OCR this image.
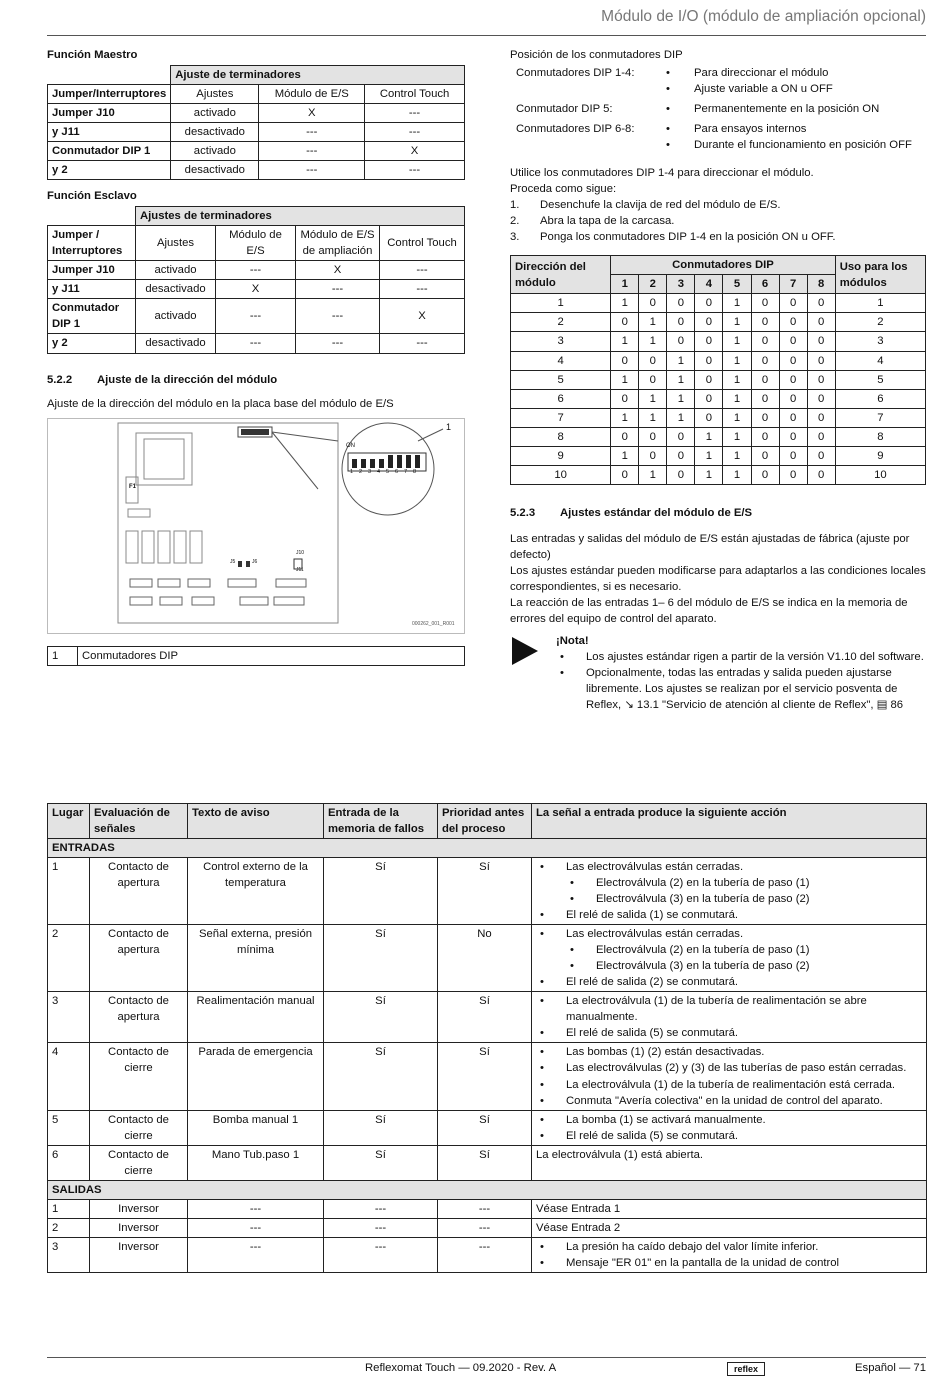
Módulo de I/O (módulo de ampliación opcional)
Función Maestro
	Ajuste de terminadores		
Jumper/Interruptores	Ajustes	Módulo de E/S	Control Touch
Jumper J10	activado	X	---
y J11	desactivado	---	---
Conmutador DIP 1	activado	---	X
y 2	desactivado	---	---
Función Esclavo
	Ajustes de terminadores			
Jumper / Interruptores	Ajustes	Módulo de E/S	Módulo de E/S de ampliación	Control Touch
Jumper J10	activado	---	X	---
y J11	desactivado	X	---	---
Conmutador DIP 1	activado	---	---	X
y 2	desactivado	---	---	---
5.2.2	Ajuste de la dirección del módulo
Ajuste de la dirección del módulo en la placa base del módulo de E/S
ON
1	2	3	4	5	6	7	8
F1
J5	J6
J10
J11
1
000262_001_R001
1	Conmutadores DIP
Posición de los conmutadores DIP
Conmutadores DIP 1-4:	•	Para direccionar el módulo
•	Ajuste variable a ON u OFF
Conmutador DIP 5:	•	Permanentemente en la posición ON
Conmutadores DIP 6-8:	•	Para ensayos internos
•	Durante el funcionamiento en posición OFF
Utilice los conmutadores DIP 1-4 para direccionar el módulo.
Proceda como sigue:
1.	Desenchufe la clavija de red del módulo de E/S.
2.	Abra la tapa de la carcasa.
3.	Ponga los conmutadores DIP 1-4 en la posición ON u OFF.
Dirección del módulo	Conmutadores DIP								Uso para los módulos
	1	2	3	4	5	6	7	8	
1	1	0	0	0	1	0	0	0	1
2	0	1	0	0	1	0	0	0	2
3	1	1	0	0	1	0	0	0	3
4	0	0	1	0	1	0	0	0	4
5	1	0	1	0	1	0	0	0	5
6	0	1	1	0	1	0	0	0	6
7	1	1	1	0	1	0	0	0	7
8	0	0	0	1	1	0	0	0	8
9	1	0	0	1	1	0	0	0	9
10	0	1	0	1	1	0	0	0	10
5.2.3	Ajustes estándar del módulo de E/S
Las entradas y salidas del módulo de E/S están ajustadas de fábrica (ajuste por defecto)
Los ajustes estándar pueden modificarse para adaptarlos a las condiciones locales correspondientes, si es necesario.
La reacción de las entradas 1– 6 del módulo de E/S se indica en la memoria de errores del equipo de control del aparato.
¡Nota!
• Los ajustes estándar rigen a partir de la versión V1.10 del software.
• Opcionalmente, todas las entradas y salida pueden ajustarse libremente. Los ajustes se realizan por el servicio posventa de Reflex, ↘ 13.1 "Servicio de atención al cliente de Reflex", ▤ 86
Lugar	Evaluación de señales	Texto de aviso	Entrada de la memoria de fallos	Prioridad antes del proceso	La señal a entrada produce la siguiente acción
ENTRADAS					
1	Contacto de apertura	Control externo de la temperatura	Sí	Sí	• Las electroválvulas están cerradas.
• Electroválvula (2) en la tubería de paso (1)
• Electroválvula (3) en la tubería de paso (2)
• El relé de salida (1) se conmutará.

2	Contacto de apertura	Señal externa, presión mínima	Sí	No	• Las electroválvulas están cerradas.
• Electroválvula (2) en la tubería de paso (1)
• Electroválvula (3) en la tubería de paso (2)
• El relé de salida (2) se conmutará.

3	Contacto de apertura	Realimentación manual	Sí	Sí	• La electroválvula (1) de la tubería de realimentación se abre manualmente.
• El relé de salida (5) se conmutará.

4	Contacto de cierre	Parada de emergencia	Sí	Sí	• Las bombas (1) (2) están desactivadas.
• Las electroválvulas (2) y (3) de las tuberías de paso están cerradas.
• La electroválvula (1) de la tubería de realimentación está cerrada.
• Conmuta "Avería colectiva" en la unidad de control del aparato.

5	Contacto de cierre	Bomba manual 1	Sí	Sí	• La bomba (1) se activará manualmente.
• El relé de salida (5) se conmutará.

6	Contacto de cierre	Mano Tub.paso 1	Sí	Sí	La electroválvula (1) está abierta.

SALIDAS					
1	Inversor	---	---	---	Véase Entrada 1

2	Inversor	---	---	---	Véase Entrada 2

3	Inversor	---	---	---	• La presión ha caído debajo del valor límite inferior.
• Mensaje "ER 01" en la pantalla de la unidad de control
Reflexomat Touch — 09.2020 - Rev. A	reflex	Español — 71
